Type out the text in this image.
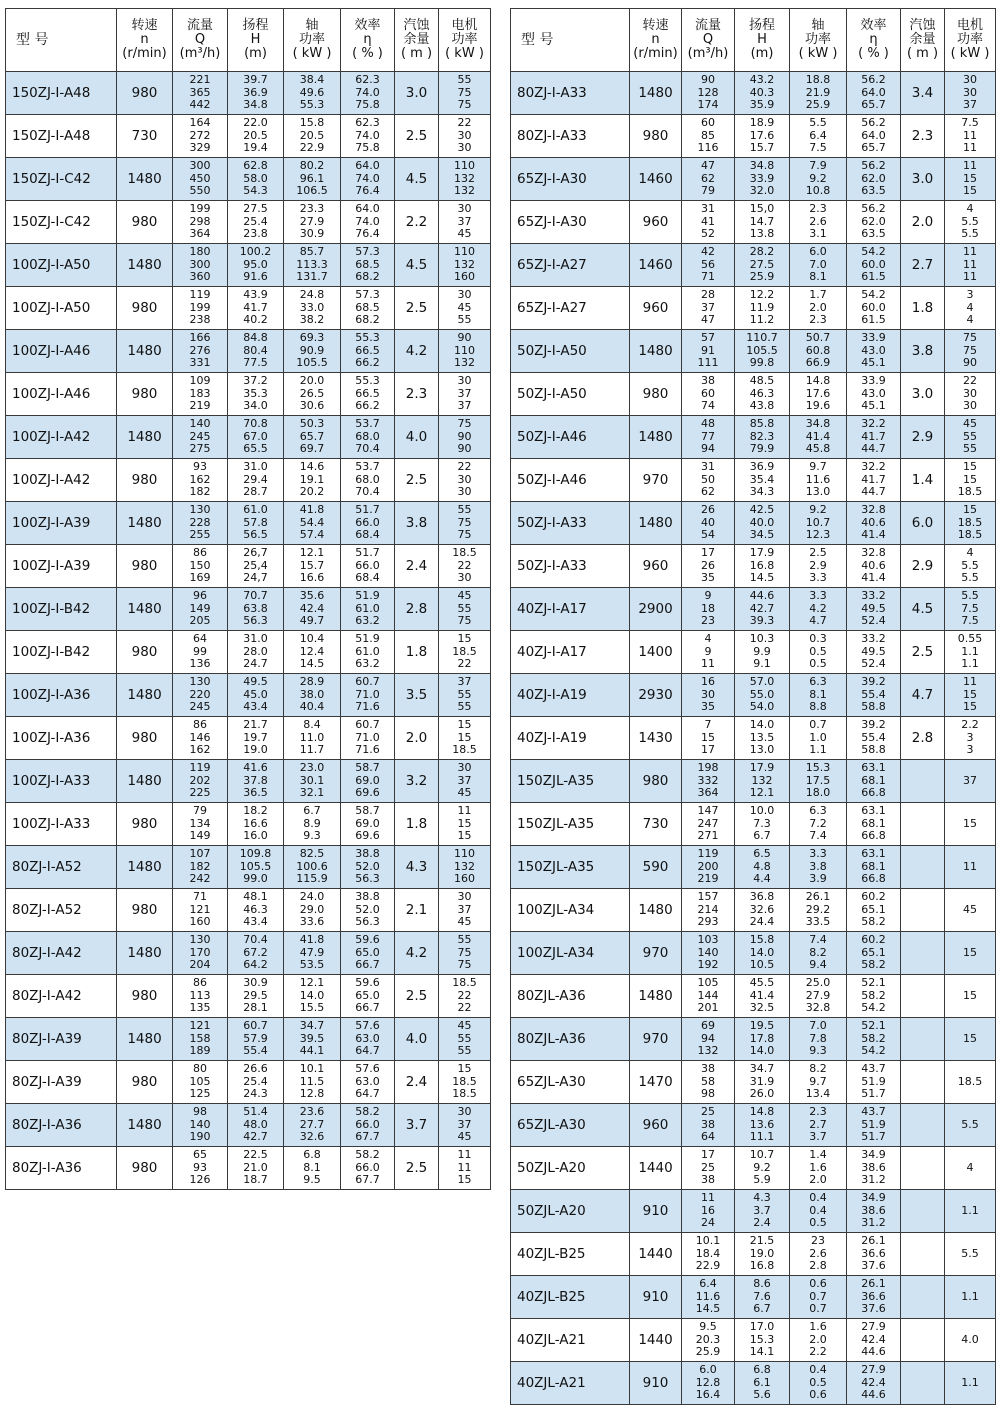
型 号	转速
n
(r/min)	流量
Q
(m³/h)	扬程
H
(m)	轴
功率
( kW )	效率
η
( % )	汽蚀
余量
( m )	电机
功率
( kW )
150ZJ-I-A48	980	221
365
442	39.7
36.9
34.8	38.4
49.6
55.3	62.3
74.0
75.8	3.0	55
75
75
150ZJ-I-A48	730	164
272
329	22.0
20.5
19.4	15.8
20.5
22.9	62.3
74.0
75.8	2.5	22
30
30
150ZJ-I-C42	1480	300
450
550	62.8
58.0
54.3	80.2
96.1
106.5	64.0
74.0
76.4	4.5	110
132
132
150ZJ-I-C42	980	199
298
364	27.5
25.4
23.8	23.3
27.9
30.9	64.0
74.0
76.4	2.2	30
37
45
100ZJ-I-A50	1480	180
300
360	100.2
95.0
91.6	85.7
113.3
131.7	57.3
68.5
68.2	4.5	110
132
160
100ZJ-I-A50	980	119
199
238	43.9
41.7
40.2	24.8
33.0
38.2	57.3
68.5
68.2	2.5	30
45
55
100ZJ-I-A46	1480	166
276
331	84.8
80.4
77.5	69.3
90.9
105.5	55.3
66.5
66.2	4.2	90
110
132
100ZJ-I-A46	980	109
183
219	37.2
35.3
34.0	20.0
26.5
30.6	55.3
66.5
66.2	2.3	30
37
37
100ZJ-I-A42	1480	140
245
275	70.8
67.0
65.5	50.3
65.7
69.7	53.7
68.0
70.4	4.0	75
90
90
100ZJ-I-A42	980	93
162
182	31.0
29.4
28.7	14.6
19.1
20.2	53.7
68.0
70.4	2.5	22
30
30
100ZJ-I-A39	1480	130
228
255	61.0
57.8
56.5	41.8
54.4
57.4	51.7
66.0
68.4	3.8	55
75
75
100ZJ-I-A39	980	86
150
169	26,7
25,4
24,7	12.1
15.7
16.6	51.7
66.0
68.4	2.4	18.5
22
30
100ZJ-I-B42	1480	96
149
205	70.7
63.8
56.3	35.6
42.4
49.7	51.9
61.0
63.2	2.8	45
55
75
100ZJ-I-B42	980	64
99
136	31.0
28.0
24.7	10.4
12.4
14.5	51.9
61.0
63.2	1.8	15
18.5
22
100ZJ-I-A36	1480	130
220
245	49.5
45.0
43.4	28.9
38.0
40.4	60.7
71.0
71.6	3.5	37
55
55
100ZJ-I-A36	980	86
146
162	21.7
19.7
19.0	8.4
11.0
11.7	60.7
71.0
71.6	2.0	15
15
18.5
100ZJ-I-A33	1480	119
202
225	41.6
37.8
36.5	23.0
30.1
32.1	58.7
69.0
69.6	3.2	30
37
45
100ZJ-I-A33	980	79
134
149	18.2
16.6
16.0	6.7
8.9
9.3	58.7
69.0
69.6	1.8	11
15
15
80ZJ-I-A52	1480	107
182
242	109.8
105.5
99.0	82.5
100.6
115.9	38.8
52.0
56.3	4.3	110
132
160
80ZJ-I-A52	980	71
121
160	48.1
46.3
43.4	24.0
29.0
33.6	38.8
52.0
56.3	2.1	30
37
45
80ZJ-I-A42	1480	130
170
204	70.4
67.2
64.2	41.8
47.9
53.5	59.6
65.0
66.7	4.2	55
75
75
80ZJ-I-A42	980	86
113
135	30.9
29.5
28.1	12.1
14.0
15.5	59.6
65.0
66.7	2.5	18.5
22
22
80ZJ-I-A39	1480	121
158
189	60.7
57.9
55.4	34.7
39.5
44.1	57.6
63.0
64.7	4.0	45
55
55
80ZJ-I-A39	980	80
105
125	26.6
25.4
24.3	10.1
11.5
12.8	57.6
63.0
64.7	2.4	15
18.5
18.5
80ZJ-I-A36	1480	98
140
190	51.4
48.0
42.7	23.6
27.7
32.6	58.2
66.0
67.7	3.7	30
37
45
80ZJ-I-A36	980	65
93
126	22.5
21.0
18.7	6.8
8.1
9.5	58.2
66.0
67.7	2.5	11
11
15
型 号	转速
n
(r/min)	流量
Q
(m³/h)	扬程
H
(m)	轴
功率
( kW )	效率
η
( % )	汽蚀
余量
( m )	电机
功率
( kW )
80ZJ-I-A33	1480	90
128
174	43.2
40.3
35.9	18.8
21.9
25.9	56.2
64.0
65.7	3.4	30
30
37
80ZJ-I-A33	980	60
85
116	18.9
17.6
15.7	5.5
6.4
7.5	56.2
64.0
65.7	2.3	7.5
11
11
65ZJ-I-A30	1460	47
62
79	34.8
33.9
32.0	7.9
9.2
10.8	56.2
62.0
63.5	3.0	11
15
15
65ZJ-I-A30	960	31
41
52	15,0
14.7
13.8	2.3
2.6
3.1	56.2
62.0
63.5	2.0	4
5.5
5.5
65ZJ-I-A27	1460	42
56
71	28.2
27.5
25.9	6.0
7.0
8.1	54.2
60.0
61.5	2.7	11
11
11
65ZJ-I-A27	960	28
37
47	12.2
11.9
11.2	1.7
2.0
2.3	54.2
60.0
61.5	1.8	3
4
4
50ZJ-I-A50	1480	57
91
111	110.7
105.5
99.8	50.7
60.8
66.9	33.9
43.0
45.1	3.8	75
75
90
50ZJ-I-A50	980	38
60
74	48.5
46.3
43.8	14.8
17.6
19.6	33.9
43.0
45.1	3.0	22
30
30
50ZJ-I-A46	1480	48
77
94	85.8
82.3
79.9	34.8
41.4
45.8	32.2
41.7
44.7	2.9	45
55
55
50ZJ-I-A46	970	31
50
62	36.9
35.4
34.3	9.7
11.6
13.0	32.2
41.7
44.7	1.4	15
15
18.5
50ZJ-I-A33	1480	26
40
54	42.5
40.0
34.5	9.2
10.7
12.3	32.8
40.6
41.4	6.0	15
18.5
18.5
50ZJ-I-A33	960	17
26
35	17.9
16.8
14.5	2.5
2.9
3.3	32.8
40.6
41.4	2.9	4
5.5
5.5
40ZJ-I-A17	2900	9
18
23	44.6
42.7
39.3	3.3
4.2
4.7	33.2
49.5
52.4	4.5	5.5
7.5
7.5
40ZJ-I-A17	1400	4
9
11	10.3
9.9
9.1	0.3
0.5
0.5	33.2
49.5
52.4	2.5	0.55
1.1
1.1
40ZJ-I-A19	2930	16
30
35	57.0
55.0
54.0	6.3
8.1
8.8	39.2
55.4
58.8	4.7	11
15
15
40ZJ-I-A19	1430	7
15
17	14.0
13.5
13.0	0.7
1.0
1.1	39.2
55.4
58.8	2.8	2.2
3
3
150ZJL-A35	980	198
332
364	17.9
132
12.1	15.3
17.5
18.0	63.1
68.1
66.8		37
150ZJL-A35	730	147
247
271	10.0
7.3
6.7	6.3
7.2
7.4	63.1
68.1
66.8		15
150ZJL-A35	590	119
200
219	6.5
4.8
4.4	3.3
3.8
3.9	63.1
68.1
66.8		11
100ZJL-A34	1480	157
214
293	36.8
32.6
24.4	26.1
29.2
33.5	60.2
65.1
58.2		45
100ZJL-A34	970	103
140
192	15.8
14.0
10.5	7.4
8.2
9.4	60.2
65.1
58.2		15
80ZJL-A36	1480	105
144
201	45.5
41.4
32.5	25.0
27.9
32.8	52.1
58.2
54.2		15
80ZJL-A36	970	69
94
132	19.5
17.8
14.0	7.0
7.8
9.3	52.1
58.2
54.2		15
65ZJL-A30	1470	38
58
98	34.7
31.9
26.0	8.2
9.7
13.4	43.7
51.9
51.7		18.5
65ZJL-A30	960	25
38
64	14.8
13.6
11.1	2.3
2.7
3.7	43.7
51.9
51.7		5.5
50ZJL-A20	1440	17
25
38	10.7
9.2
5.9	1.4
1.6
2.0	34.9
38.6
31.2		4
50ZJL-A20	910	11
16
24	4.3
3.7
2.4	0.4
0.4
0.5	34.9
38.6
31.2		1.1
40ZJL-B25	1440	10.1
18.4
22.9	21.5
19.0
16.8	23
2.6
2.8	26.1
36.6
37.6		5.5
40ZJL-B25	910	6.4
11.6
14.5	8.6
7.6
6.7	0.6
0.7
0.7	26.1
36.6
37.6		1.1
40ZJL-A21	1440	9.5
20.3
25.9	17.0
15.3
14.1	1.6
2.0
2.2	27.9
42.4
44.6		4.0
40ZJL-A21	910	6.0
12.8
16.4	6.8
6.1
5.6	0.4
0.5
0.6	27.9
42.4
44.6		1.1
